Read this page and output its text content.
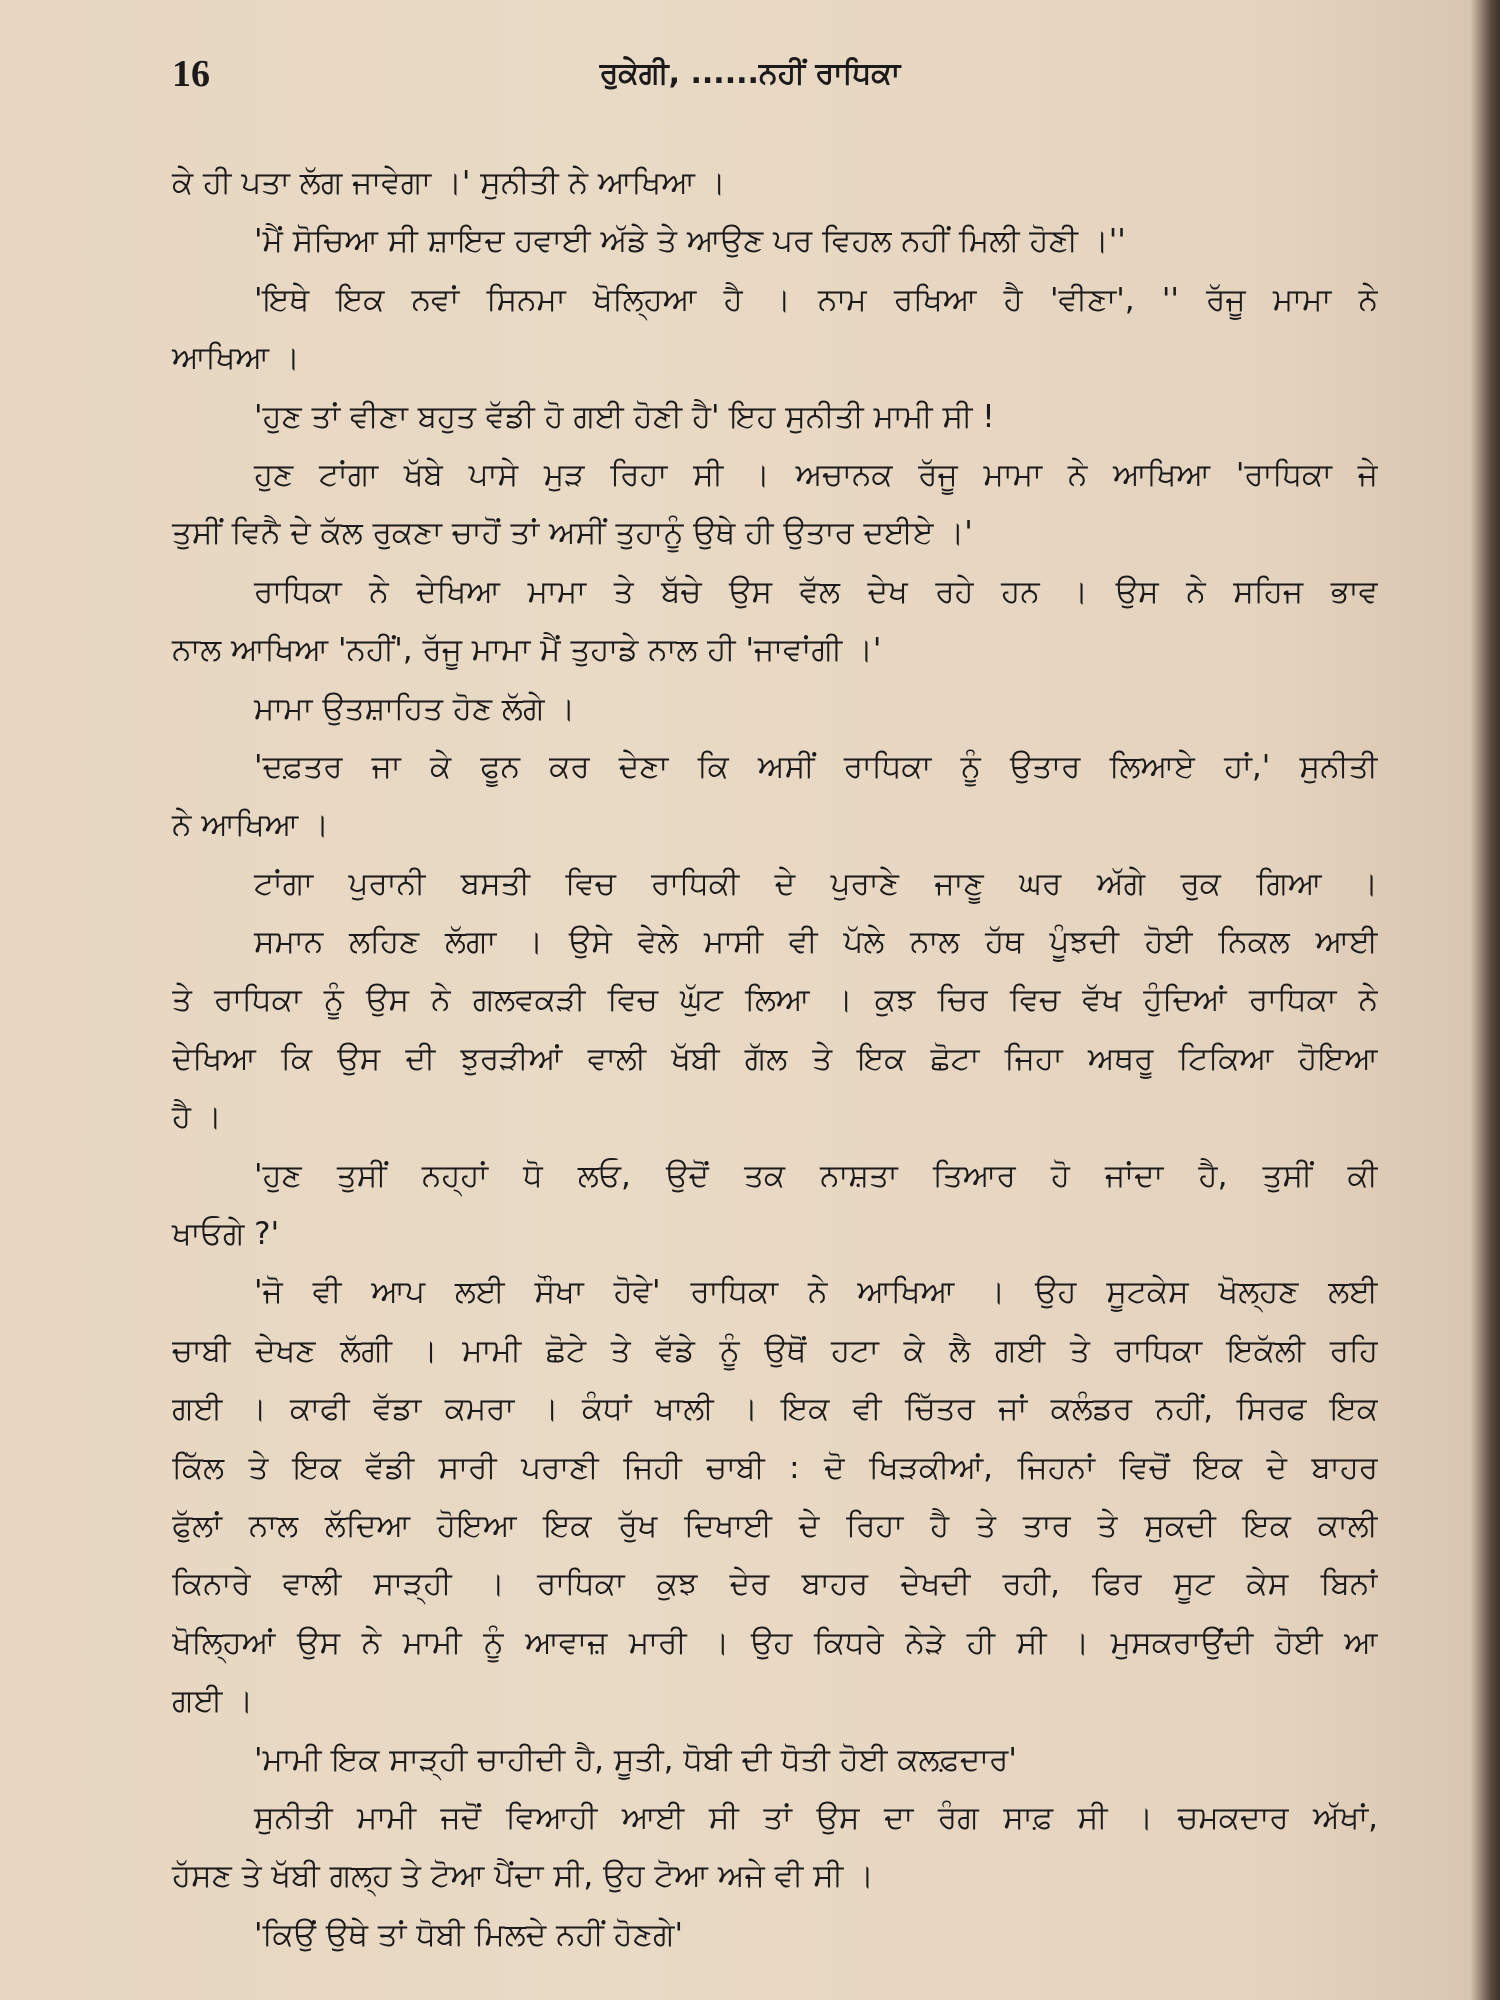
16	ਰੁਕੇਗੀ, ......ਨਹੀਂ ਰਾਧਿਕਾ
ਕੇ ਹੀ ਪਤਾ ਲੱਗ ਜਾਵੇਗਾ ।' ਸੁਨੀਤੀ ਨੇ ਆਖਿਆ ।
'ਮੈਂ ਸੋਚਿਆ ਸੀ ਸ਼ਾਇਦ ਹਵਾਈ ਅੱਡੇ ਤੇ ਆਉਣ ਪਰ ਵਿਹਲ ਨਹੀਂ ਮਿਲੀ ਹੋਣੀ ।''
'ਇਥੇ ਇਕ ਨਵਾਂ ਸਿਨਮਾ ਖੋਲ੍ਹਿਆ ਹੈ । ਨਾਮ ਰਖਿਆ ਹੈ 'ਵੀਣਾ', '' ਰੱਜੂ ਮਾਮਾ ਨੇ
ਆਖਿਆ ।
'ਹੁਣ ਤਾਂ ਵੀਣਾ ਬਹੁਤ ਵੱਡੀ ਹੋ ਗਈ ਹੋਣੀ ਹੈ' ਇਹ ਸੁਨੀਤੀ ਮਾਮੀ ਸੀ !
ਹੁਣ ਟਾਂਗਾ ਖੱਬੇ ਪਾਸੇ ਮੁੜ ਰਿਹਾ ਸੀ । ਅਚਾਨਕ ਰੱਜੂ ਮਾਮਾ ਨੇ ਆਖਿਆ 'ਰਾਧਿਕਾ ਜੇ
ਤੁਸੀਂ ਵਿਨੈ ਦੇ ਕੱਲ ਰੁਕਣਾ ਚਾਹੋਂ ਤਾਂ ਅਸੀਂ ਤੁਹਾਨੂੰ ਉਥੇ ਹੀ ਉਤਾਰ ਦਈਏ ।'
ਰਾਧਿਕਾ ਨੇ ਦੇਖਿਆ ਮਾਮਾ ਤੇ ਬੱਚੇ ਉਸ ਵੱਲ ਦੇਖ ਰਹੇ ਹਨ । ਉਸ ਨੇ ਸਹਿਜ ਭਾਵ
ਨਾਲ ਆਖਿਆ 'ਨਹੀਂ', ਰੱਜੂ ਮਾਮਾ ਮੈਂ ਤੁਹਾਡੇ ਨਾਲ ਹੀ 'ਜਾਵਾਂਗੀ ।'
ਮਾਮਾ ਉਤਸ਼ਾਹਿਤ ਹੋਣ ਲੱਗੇ ।
'ਦਫ਼ਤਰ ਜਾ ਕੇ ਫੂਨ ਕਰ ਦੇਣਾ ਕਿ ਅਸੀਂ ਰਾਧਿਕਾ ਨੂੰ ਉਤਾਰ ਲਿਆਏ ਹਾਂ,' ਸੁਨੀਤੀ
ਨੇ ਆਖਿਆ ।
ਟਾਂਗਾ ਪੁਰਾਨੀ ਬਸਤੀ ਵਿਚ ਰਾਧਿਕੀ ਦੇ ਪੁਰਾਣੇ ਜਾਣੂ ਘਰ ਅੱਗੇ ਰੁਕ ਗਿਆ ।
ਸਮਾਨ ਲਹਿਣ ਲੱਗਾ । ਉਸੇ ਵੇਲੇ ਮਾਸੀ ਵੀ ਪੱਲੇ ਨਾਲ ਹੱਥ ਪੂੰਝਦੀ ਹੋਈ ਨਿਕਲ ਆਈ
ਤੇ ਰਾਧਿਕਾ ਨੂੰ ਉਸ ਨੇ ਗਲਵਕੜੀ ਵਿਚ ਘੁੱਟ ਲਿਆ । ਕੁਝ ਚਿਰ ਵਿਚ ਵੱਖ ਹੁੰਦਿਆਂ ਰਾਧਿਕਾ ਨੇ
ਦੇਖਿਆ ਕਿ ਉਸ ਦੀ ਝੁਰੜੀਆਂ ਵਾਲੀ ਖੱਬੀ ਗੱਲ ਤੇ ਇਕ ਛੋਟਾ ਜਿਹਾ ਅਥਰੂ ਟਿਕਿਆ ਹੋਇਆ
ਹੈ ।
'ਹੁਣ ਤੁਸੀਂ ਨਹ੍ਹਾਂ ਧੋ ਲਓ, ਉਦੋਂ ਤਕ ਨਾਸ਼ਤਾ ਤਿਆਰ ਹੋ ਜਾਂਦਾ ਹੈ, ਤੁਸੀਂ ਕੀ
ਖਾਓਗੇ ?'
'ਜੋ ਵੀ ਆਪ ਲਈ ਸੌਖਾ ਹੋਵੇ' ਰਾਧਿਕਾ ਨੇ ਆਖਿਆ । ਉਹ ਸੂਟਕੇਸ ਖੋਲ੍ਹਣ ਲਈ
ਚਾਬੀ ਦੇਖਣ ਲੱਗੀ । ਮਾਮੀ ਛੋਟੇ ਤੇ ਵੱਡੇ ਨੂੰ ਉਥੋਂ ਹਟਾ ਕੇ ਲੈ ਗਈ ਤੇ ਰਾਧਿਕਾ ਇਕੱਲੀ ਰਹਿ
ਗਈ । ਕਾਫੀ ਵੱਡਾ ਕਮਰਾ । ਕੰਧਾਂ ਖਾਲੀ । ਇਕ ਵੀ ਚਿੱਤਰ ਜਾਂ ਕਲੰਡਰ ਨਹੀਂ, ਸਿਰਫ ਇਕ
ਕਿੱਲ ਤੇ ਇਕ ਵੱਡੀ ਸਾਰੀ ਪਰਾਣੀ ਜਿਹੀ ਚਾਬੀ : ਦੋ ਖਿੜਕੀਆਂ, ਜਿਹਨਾਂ ਵਿਚੋਂ ਇਕ ਦੇ ਬਾਹਰ
ਫੁੱਲਾਂ ਨਾਲ ਲੱਦਿਆ ਹੋਇਆ ਇਕ ਰੁੱਖ ਦਿਖਾਈ ਦੇ ਰਿਹਾ ਹੈ ਤੇ ਤਾਰ ਤੇ ਸੁਕਦੀ ਇਕ ਕਾਲੀ
ਕਿਨਾਰੇ ਵਾਲੀ ਸਾੜ੍ਹੀ । ਰਾਧਿਕਾ ਕੁਝ ਦੇਰ ਬਾਹਰ ਦੇਖਦੀ ਰਹੀ, ਫਿਰ ਸੂਟ ਕੇਸ ਬਿਨਾਂ
ਖੋਲ੍ਹਿਆਂ ਉਸ ਨੇ ਮਾਮੀ ਨੂੰ ਆਵਾਜ਼ ਮਾਰੀ । ਉਹ ਕਿਧਰੇ ਨੇੜੇ ਹੀ ਸੀ । ਮੁਸਕਰਾਉਂਦੀ ਹੋਈ ਆ
ਗਈ ।
'ਮਾਮੀ ਇਕ ਸਾੜ੍ਹੀ ਚਾਹੀਦੀ ਹੈ, ਸੂਤੀ, ਧੋਬੀ ਦੀ ਧੋਤੀ ਹੋਈ ਕਲਫ਼ਦਾਰ'
ਸੁਨੀਤੀ ਮਾਮੀ ਜਦੋਂ ਵਿਆਹੀ ਆਈ ਸੀ ਤਾਂ ਉਸ ਦਾ ਰੰਗ ਸਾਫ਼ ਸੀ । ਚਮਕਦਾਰ ਅੱਖਾਂ,
ਹੱਸਣ ਤੇ ਖੱਬੀ ਗਲ੍ਹ ਤੇ ਟੋਆ ਪੈਂਦਾ ਸੀ, ਉਹ ਟੋਆ ਅਜੇ ਵੀ ਸੀ ।
'ਕਿਉਂ ਉਥੇ ਤਾਂ ਧੋਬੀ ਮਿਲਦੇ ਨਹੀਂ ਹੋਣਗੇ'
